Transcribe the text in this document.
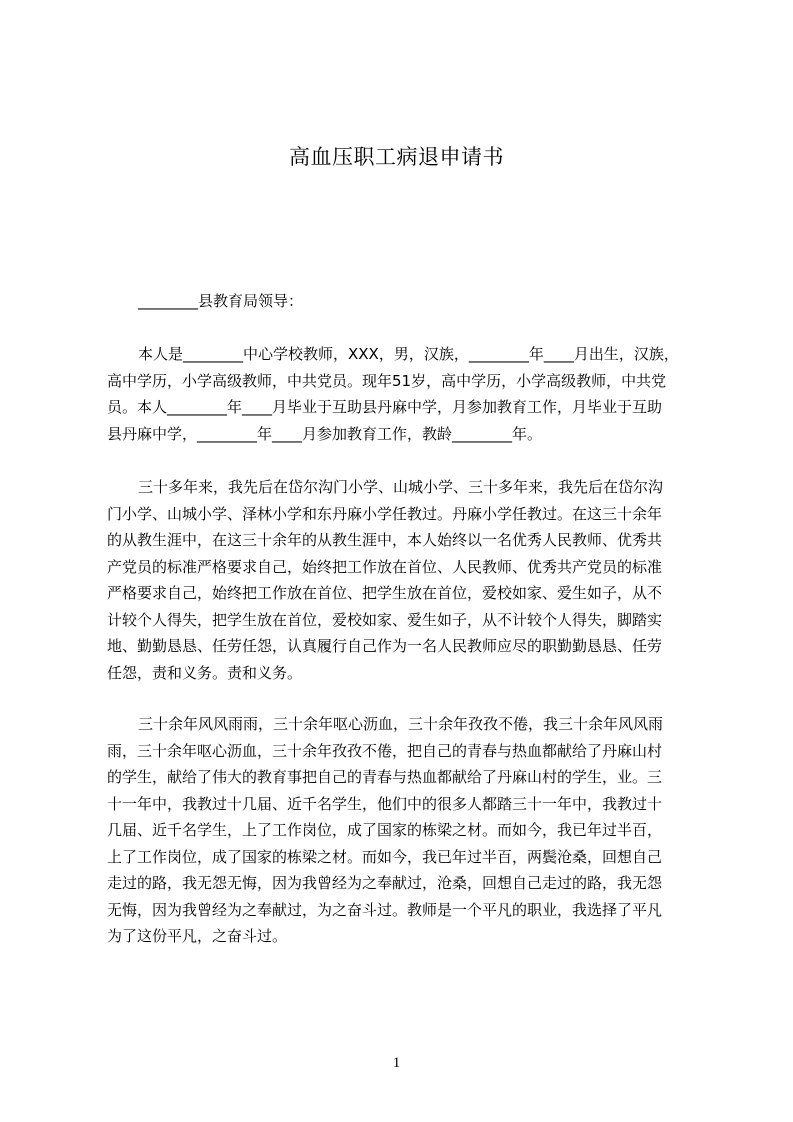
高血压职工病退申请书
________县教育局领导：
本人是________中心学校教师，XXX，男，汉族，________年____月出生，汉族，
高中学历，小学高级教师，中共党员。现年51岁，高中学历，小学高级教师，中共党
员。本人________年____月毕业于互助县丹麻中学，月参加教育工作，月毕业于互助
县丹麻中学，________年____月参加教育工作，教龄________年。
三十多年来，我先后在岱尔沟门小学、山城小学、三十多年来，我先后在岱尔沟
门小学、山城小学、泽林小学和东丹麻小学任教过。丹麻小学任教过。在这三十余年
的从教生涯中，在这三十余年的从教生涯中，本人始终以一名优秀人民教师、优秀共
产党员的标准严格要求自己，始终把工作放在首位、人民教师、优秀共产党员的标准
严格要求自己，始终把工作放在首位、把学生放在首位，爱校如家、爱生如子，从不
计较个人得失，把学生放在首位，爱校如家、爱生如子，从不计较个人得失，脚踏实
地、勤勤恳恳、任劳任怨，认真履行自己作为一名人民教师应尽的职勤勤恳恳、任劳
任怨，责和义务。责和义务。
三十余年风风雨雨，三十余年呕心沥血，三十余年孜孜不倦，我三十余年风风雨
雨，三十余年呕心沥血，三十余年孜孜不倦，把自己的青春与热血都献给了丹麻山村
的学生，献给了伟大的教育事把自己的青春与热血都献给了丹麻山村的学生，业。三
十一年中，我教过十几届、近千名学生，他们中的很多人都踏三十一年中，我教过十
几届、近千名学生，上了工作岗位，成了国家的栋梁之材。而如今，我已年过半百，
上了工作岗位，成了国家的栋梁之材。而如今，我已年过半百，两鬓沧桑，回想自己
走过的路，我无怨无悔，因为我曾经为之奉献过，沧桑，回想自己走过的路，我无怨
无悔，因为我曾经为之奉献过，为之奋斗过。教师是一个平凡的职业，我选择了平凡
为了这份平凡，之奋斗过。
1
